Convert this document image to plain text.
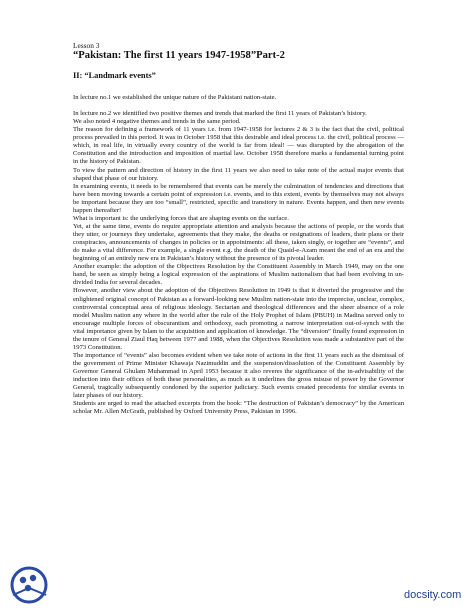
Lesson 3

“Pakistan: The first 11 years 1947-1958”Part-2
II: “Landmark events”

In lecture no.1 we established the unique nature of the Pakistani nation-state.

In lecture no.2 we identified two positive themes and trends that marked the first 11 years of Pakistan’s history.

We also noted 4 negative themes and trends in the same period.

The reason for defining a framework of 11 years i.e. from 1947-1958 for lectures 2 & 3 is the fact that the civil, political process prevailed in this period. It was in October 1958 that this desirable and ideal process i.e. the civil, political process — which, in real life, in virtually every country of the world is far from ideal! — was disrupted by the abrogation of the Constitution and the introduction and imposition of martial law. October 1958 therefore marks a fundamental turning point in the history of Pakistan.

To view the pattern and direction of history in the first 11 years we also need to take note of the actual major events that shaped that phase of our history.

In examining events, it needs to be remembered that events can be merely the culmination of tendencies and directions that have been moving towards a certain point of expression i.e. events, and to this extent, events by themselves may not always be important because they are too “small”, restricted, specific and transitory in nature. Events happen, and then new events happen thereafter!

What is important is: the underlying forces that are shaping events on the surface.

Yet, at the same time, events do require appropriate attention and analysis because the actions of people, or the words that they utter, or journeys they undertake, agreements that they make, the deaths or resignations of leaders, their plans or their conspiracies, announcements of changes in policies or in appointments: all these, taken singly, or together are “events”, and do make a vital difference. For example, a single event e.g. the death of the Quaid-e-Azam meant the end of an era and the beginning of an entirely new era in Pakistan’s history without the presence of its pivotal leader.

Another example: the adoption of the Objectives Resolution by the Constituent Assembly in March 1949, may on the one hand, be seen as simply being a logical expression of the aspirations of Muslim nationalism that had been evolving in un-divided India for several decades.

However, another view about the adoption of the Objectives Resolution in 1949 is that it diverted the progressive and the enlightened original concept of Pakistan as a forward-looking new Muslim nation-state into the imprecise, unclear, complex, controversial conceptual area of religious ideology. Sectarian and theological differences and the sheer absence of a role model Muslim nation any where in the world after the rule of the Holy Prophet of Islam (PBUH) in Madina served only to encourage multiple forces of obscurantism and orthodoxy, each promoting a narrow interpretation out-of-synch with the vital importance given by Islam to the acquisition and application of knowledge. The “diversion” finally found expression in the tenure of General Ziaul Haq between 1977 and 1988, when the Objectives Resolution was made a substantive part of the 1973 Constitution.

The importance of “events” also becomes evident when we take note of actions in the first 11 years such as the dismissal of the government of Prime Minister Khawaja Nazimuddin and the suspension/dissolution of the Constituent Assembly by Governor General Ghulam Muhammad in April 1953 because it also reveres the significance of the in-advisability of the induction into their offices of both these personalities, as much as it underlines the gross misuse of power by the Governor General, tragically subsequently condoned by the superior judiciary. Such events created precedents for similar events in later phases of our history.

Students are urged to read the attached excerpts from the book: “The destruction of Pakistan’s democracy” by the American scholar Mr. Allen McGrath, published by Oxford University Press, Pakistan in 1996.

docsity.com
